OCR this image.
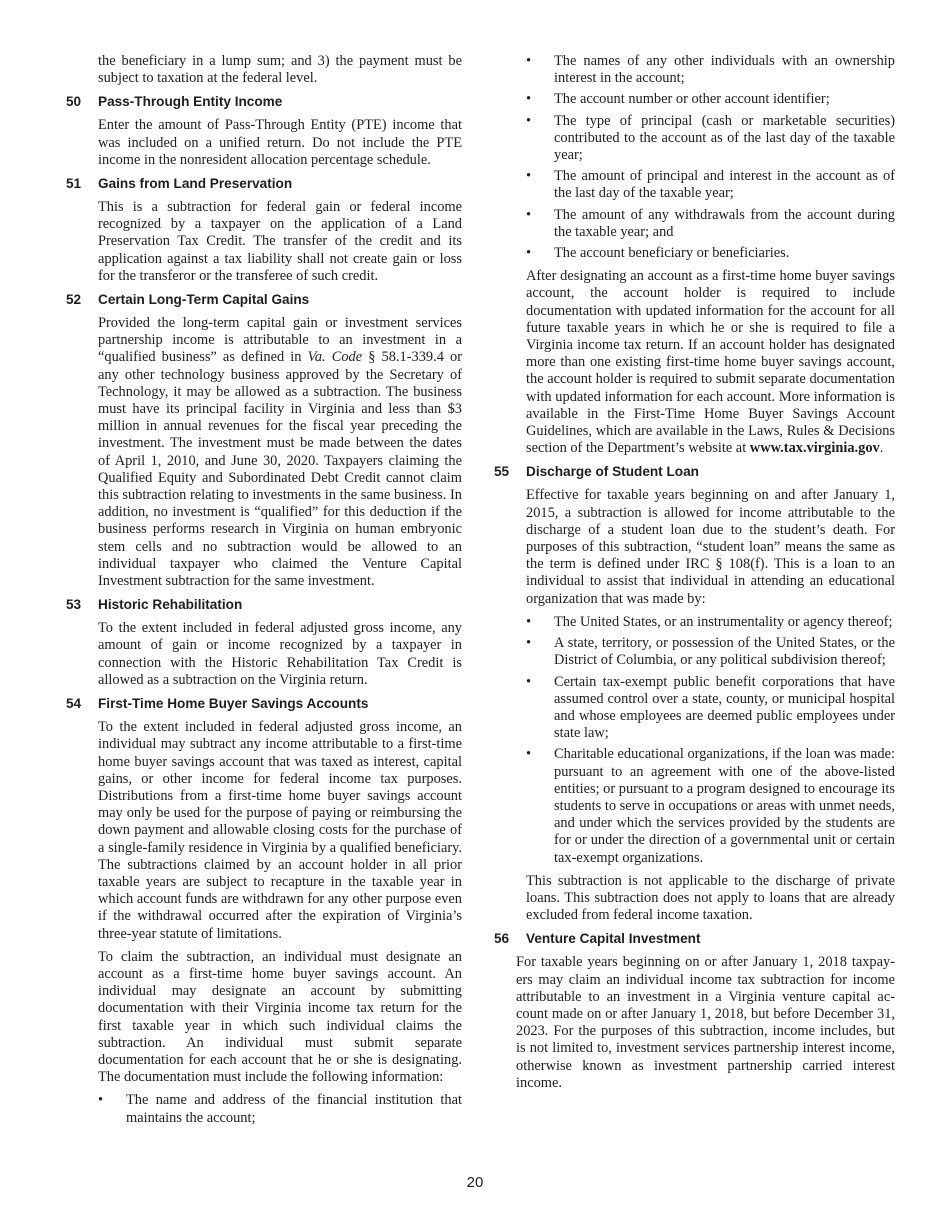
the beneficiary in a lump sum; and 3) the payment must be subject to taxation at the federal level.

50	Pass-Through Entity Income

Enter the amount of Pass-Through Entity (PTE) income that was included on a unified return. Do not include the PTE income in the nonresident allocation percentage schedule.

51	Gains from Land Preservation

This is a subtraction for federal gain or federal income recognized by a taxpayer on the application of a Land Preservation Tax Credit. The transfer of the credit and its application against a tax liability shall not create gain or loss for the transferor or the transferee of such credit.

52	Certain Long-Term Capital Gains

Provided the long-term capital gain or investment services partnership income is attributable to an investment in a “qualified business” as defined in Va. Code § 58.1-339.4 or any other technology business approved by the Secretary of Technology, it may be allowed as a subtraction. The business must have its principal facility in Virginia and less than $3 million in annual revenues for the fiscal year preceding the investment. The investment must be made between the dates of April 1, 2010, and June 30, 2020. Taxpayers claiming the Qualified Equity and Subordinated Debt Credit cannot claim this subtraction relating to investments in the same business. In addition, no investment is “qualified” for this deduction if the business performs research in Virginia on human embryonic stem cells and no subtraction would be allowed to an individual taxpayer who claimed the Venture Capital Investment subtraction for the same investment.

53	Historic Rehabilitation

To the extent included in federal adjusted gross income, any amount of gain or income recognized by a taxpayer in connection with the Historic Rehabilitation Tax Credit is allowed as a subtraction on the Virginia return.

54	First-Time Home Buyer Savings Accounts

To the extent included in federal adjusted gross income, an individual may subtract any income attributable to a first-time home buyer savings account that was taxed as interest, capital gains, or other income for federal income tax purposes. Distributions from a first-time home buyer savings account may only be used for the purpose of paying or reimbursing the down payment and allowable closing costs for the purchase of a single-family residence in Virginia by a qualified beneficiary. The subtractions claimed by an account holder in all prior taxable years are subject to recapture in the taxable year in which account funds are withdrawn for any other purpose even if the withdrawal occurred after the expiration of Virginia’s three-year statute of limitations.

To claim the subtraction, an individual must designate an account as a first-time home buyer savings account. An individual may designate an account by submitting documentation with their Virginia income tax return for the first taxable year in which such individual claims the subtraction. An individual must submit separate documentation for each account that he or she is designating. The documentation must include the following information:

• The name and address of the financial institution that maintains the account;
• The names of any other individuals with an ownership interest in the account;
• The account number or other account identifier;
• The type of principal (cash or marketable securities) contributed to the account as of the last day of the taxable year;
• The amount of principal and interest in the account as of the last day of the taxable year;
• The amount of any withdrawals from the account during the taxable year; and
• The account beneficiary or beneficiaries.

After designating an account as a first-time home buyer savings account, the account holder is required to include documentation with updated information for the account for all future taxable years in which he or she is required to file a Virginia income tax return. If an account holder has designated more than one existing first-time home buyer savings account, the account holder is required to submit separate documentation with updated information for each account. More information is available in the First-Time Home Buyer Savings Account Guidelines, which are available in the Laws, Rules & Decisions section of the Department’s website at www.tax.virginia.gov.

55	Discharge of Student Loan

Effective for taxable years beginning on and after January 1, 2015, a subtraction is allowed for income attributable to the discharge of a student loan due to the student’s death. For purposes of this subtraction, “student loan” means the same as the term is defined under IRC § 108(f). This is a loan to an individual to assist that individual in attending an educational organization that was made by:

• The United States, or an instrumentality or agency thereof;
• A state, territory, or possession of the United States, or the District of Columbia, or any political subdivision thereof;
• Certain tax-exempt public benefit corporations that have assumed control over a state, county, or municipal hospital and whose employees are deemed public employees under state law;
• Charitable educational organizations, if the loan was made: pursuant to an agreement with one of the above-listed entities; or pursuant to a program designed to encourage its students to serve in occupations or areas with unmet needs, and under which the services provided by the students are for or under the direction of a governmental unit or certain tax-exempt organizations.

This subtraction is not applicable to the discharge of private loans. This subtraction does not apply to loans that are already excluded from federal income taxation.

56	Venture Capital Investment

For taxable years beginning on or after January 1, 2018 taxpay-ers may claim an individual income tax subtraction for income attributable to an investment in a Virginia venture capital ac-count made on or after January 1, 2018, but before December 31, 2023. For the purposes of this subtraction, income includes, but is not limited to, investment services partnership interest income, otherwise known as investment partnership carried interest income.

20
